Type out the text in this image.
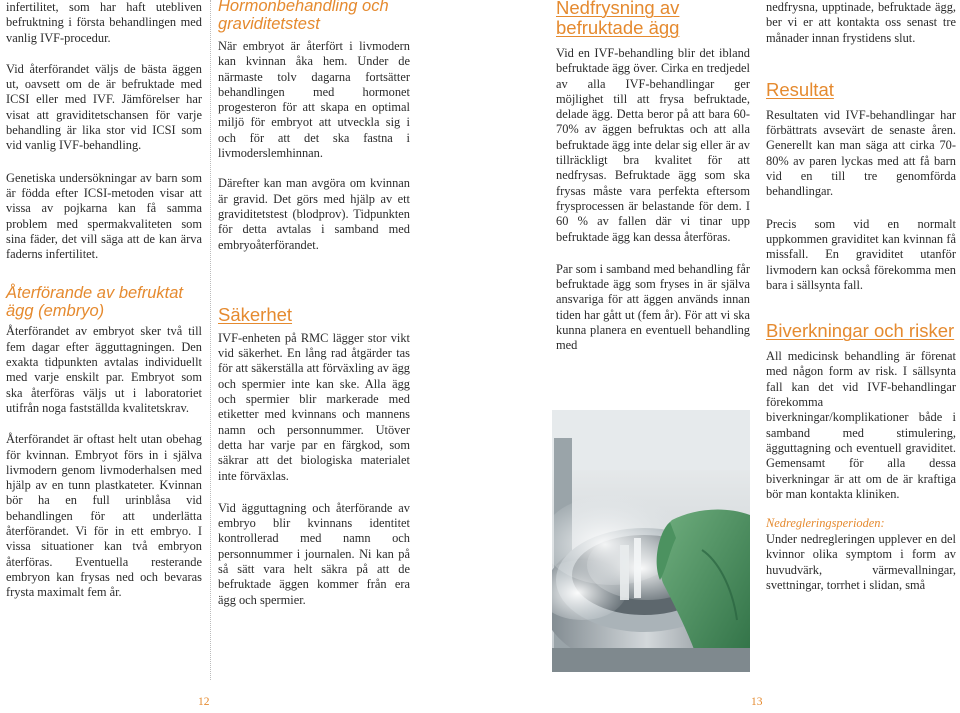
infertilitet, som har haft utebliven befruktning i första behandlingen med vanlig IVF-procedur.

Vid återförandet väljs de bästa äggen ut, oavsett om de är befruktade med ICSI eller med IVF. Jämförelser har visat att graviditetschansen för varje behandling är lika stor vid ICSI som vid vanlig IVF-behandling.

Genetiska undersökningar av barn som är födda efter ICSI-metoden visar att vissa av pojkarna kan få samma problem med spermakvaliteten som sina fäder, det vill säga att de kan ärva faderns infertilitet.

Återförande av befruktat ägg (embryo)

Återförandet av embryot sker två till fem dagar efter ägguttagningen. Den exakta tidpunkten avtalas individuellt med varje enskilt par. Embryot som ska återföras väljs ut i laboratoriet utifrån noga fastställda kvalitetskrav.

Återförandet är oftast helt utan obehag för kvinnan. Embryot förs in i själva livmodern genom livmoderhalsen med hjälp av en tunn plastkateter. Kvinnan bör ha en full urinblåsa vid behandlingen för att underlätta återförandet. Vi för in ett embryo. I vissa situationer kan två embryon återföras. Eventuella resterande embryon kan frysas ned och bevaras frysta maximalt fem år.

Hormonbehandling och graviditetstest

När embryot är återfört i livmodern kan kvinnan åka hem. Under de närmaste tolv dagarna fortsätter behandlingen med hormonet progesteron för att skapa en optimal miljö för embryot att utveckla sig i och för att det ska fastna i livmoderslemhinnan.

Därefter kan man avgöra om kvinnan är gravid. Det görs med hjälp av ett graviditetstest (blodprov). Tidpunkten för detta avtalas i samband med embryoåterförandet.

Säkerhet

IVF-enheten på RMC lägger stor vikt vid säkerhet. En lång rad åtgärder tas för att säkerställa att förväxling av ägg och spermier inte kan ske. Alla ägg och spermier blir markerade med etiketter med kvinnans och mannens namn och personnummer. Utöver detta har varje par en färgkod, som säkrar att det biologiska materialet inte förväxlas.

Vid ägguttagning och återförande av embryo blir kvinnans identitet kontrollerad med namn och personnummer i journalen. Ni kan på så sätt vara helt säkra på att de befruktade äggen kommer från era ägg och spermier.

Nedfrysning av befruktade ägg

Vid en IVF-behandling blir det ibland befruktade ägg över. Cirka en tredjedel av alla IVF-behandlingar ger möjlighet till att frysa befruktade, delade ägg. Detta beror på att bara 60-70% av äggen befruktas och att alla befruktade ägg inte delar sig eller är av tillräckligt bra kvalitet för att nedfrysas. Befruktade ägg som ska frysas måste vara perfekta eftersom frysprocessen är belastande för dem. I 60 % av fallen där vi tinar upp befruktade ägg kan dessa återföras.

Par som i samband med behandling får befruktade ägg som fryses in är själva ansvariga för att äggen används innan tiden har gått ut (fem år). För att vi ska kunna planera en eventuell behandling med

nedfrysna, upptinade, befruktade ägg, ber vi er att kontakta oss senast tre månader innan frystidens slut.

Resultat

Resultaten vid IVF-behandlingar har förbättrats avsevärt de senaste åren. Generellt kan man säga att cirka 70-80% av paren lyckas med att få barn vid en till tre genomförda behandlingar.

Precis som vid en normalt uppkommen graviditet kan kvinnan få missfall. En graviditet utanför livmodern kan också förekomma men bara i sällsynta fall.

Biverkningar och risker

All medicinsk behandling är förenat med någon form av risk. I sällsynta fall kan det vid IVF-behandlingar förekomma biverkningar/komplikationer både i samband med stimulering, ägguttagning och eventuell graviditet. Gemensamt för alla dessa biverkningar är att om de är kraftiga bör man kontakta kliniken.

Nedregleringsperioden:

Under nedregleringen upplever en del kvinnor olika symptom i form av huvudvärk, värmevallningar, svettningar, torrhet i slidan, små

12	13
